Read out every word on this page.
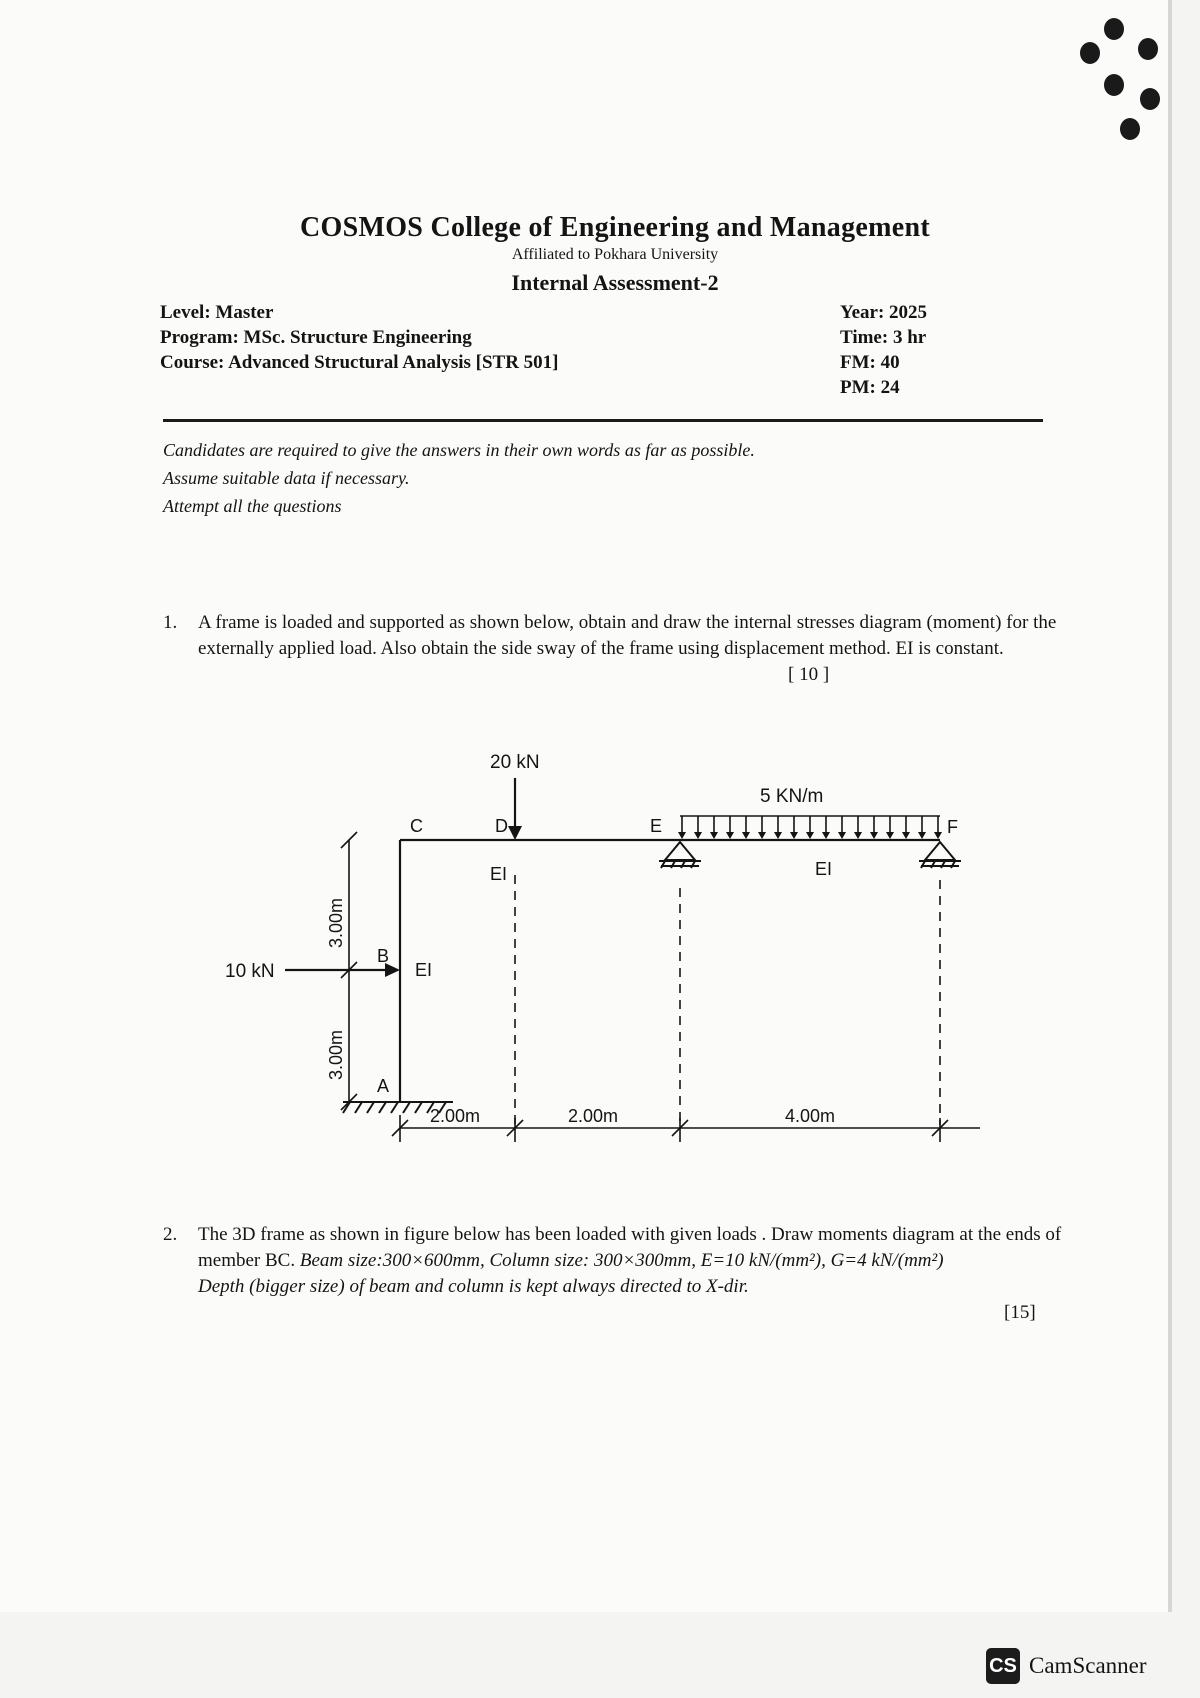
COSMOS College of Engineering and Management
Affiliated to Pokhara University
Internal Assessment-2
Level: Master
Program: MSc. Structure Engineering
Course: Advanced Structural Analysis [STR 501]
Year: 2025
Time: 3 hr
FM: 40
PM: 24
Candidates are required to give the answers in their own words as far as possible.
Assume suitable data if necessary.
Attempt all the questions
1. A frame is loaded and supported as shown below, obtain and draw the internal stresses diagram (moment) for the externally applied load. Also obtain the side sway of the frame using displacement method. EI is constant.
[ 10 ]
20 kN
5 KN/m
10 kN
C	D	E	F
B
A
EI	EI
EI
3.00m
3.00m
2.00m	2.00m	4.00m
2. The 3D frame as shown in figure below has been loaded with given loads . Draw moments diagram at the ends of member BC. Beam size:300×600mm, Column size: 300×300mm, E=10 kN/(mm²), G=4 kN/(mm²)
Depth (bigger size) of beam and column is kept always directed to X-dir.
[15]
CS CamScanner
